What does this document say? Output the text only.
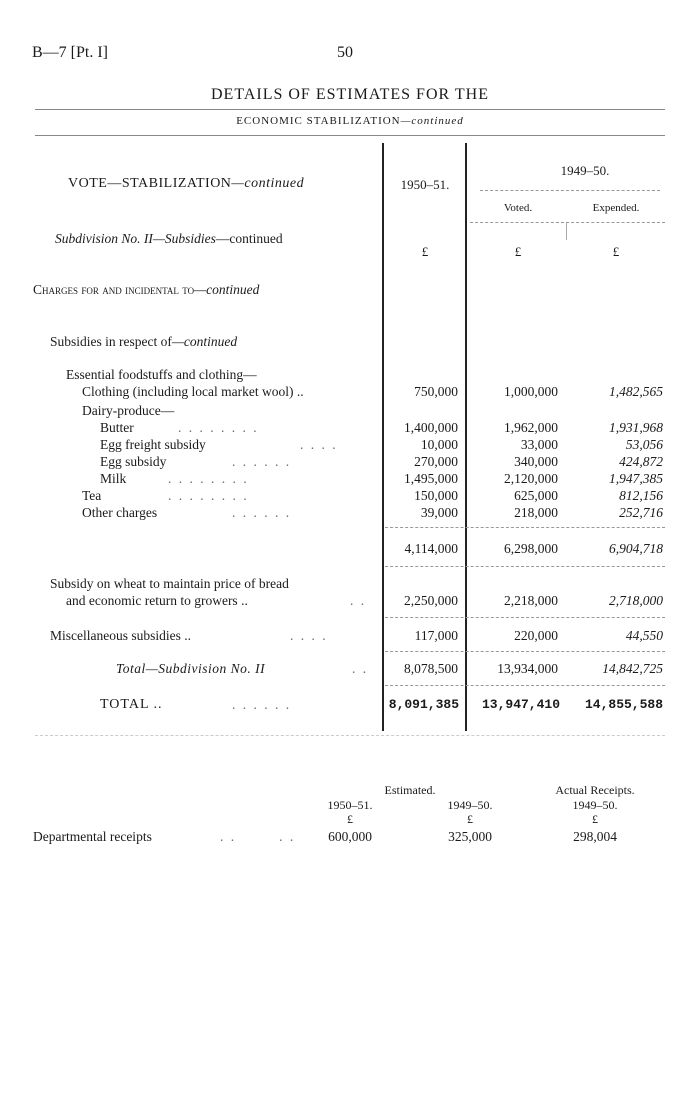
B—7 [Pt. I]	50
DETAILS OF ESTIMATES FOR THE
ECONOMIC STABILIZATION—continued
VOTE—STABILIZATION—continued	1950–51.
1949–50.
Voted.	Expended.
Subdivision No. II—Subsidies—continued
£	£	£
Charges for and incidental to—continued
Subsidies in respect of—continued
Essential foodstuffs and clothing—
Clothing (including local market wool) ..	750,000	1,000,000	1,482,565
Dairy-produce—
Butter	. . . . . . . .	1,400,000	1,962,000	1,931,968
Egg freight subsidy	. . . .	10,000	33,000	53,056
Egg subsidy	. . . . . .	270,000	340,000	424,872
Milk	. . . . . . . .	1,495,000	2,120,000	1,947,385
Tea	. . . . . . . .	150,000	625,000	812,156
Other charges	. . . . . .	39,000	218,000	252,716
4,114,000	6,298,000	6,904,718
Subsidy on wheat to maintain price of bread
and economic return to growers ..	. .	2,250,000	2,218,000	2,718,000
Miscellaneous subsidies ..	. . . .	117,000	220,000	44,550
Total—Subdivision No. II	. .	8,078,500	13,934,000	14,842,725
TOTAL ..	. . . . . .	8,091,385	13,947,410	14,855,588
Estimated.	Actual Receipts.
1950–51.	1949–50.	1949–50.
£	£	£
Departmental receipts	. .        . .	600,000	325,000	298,004
